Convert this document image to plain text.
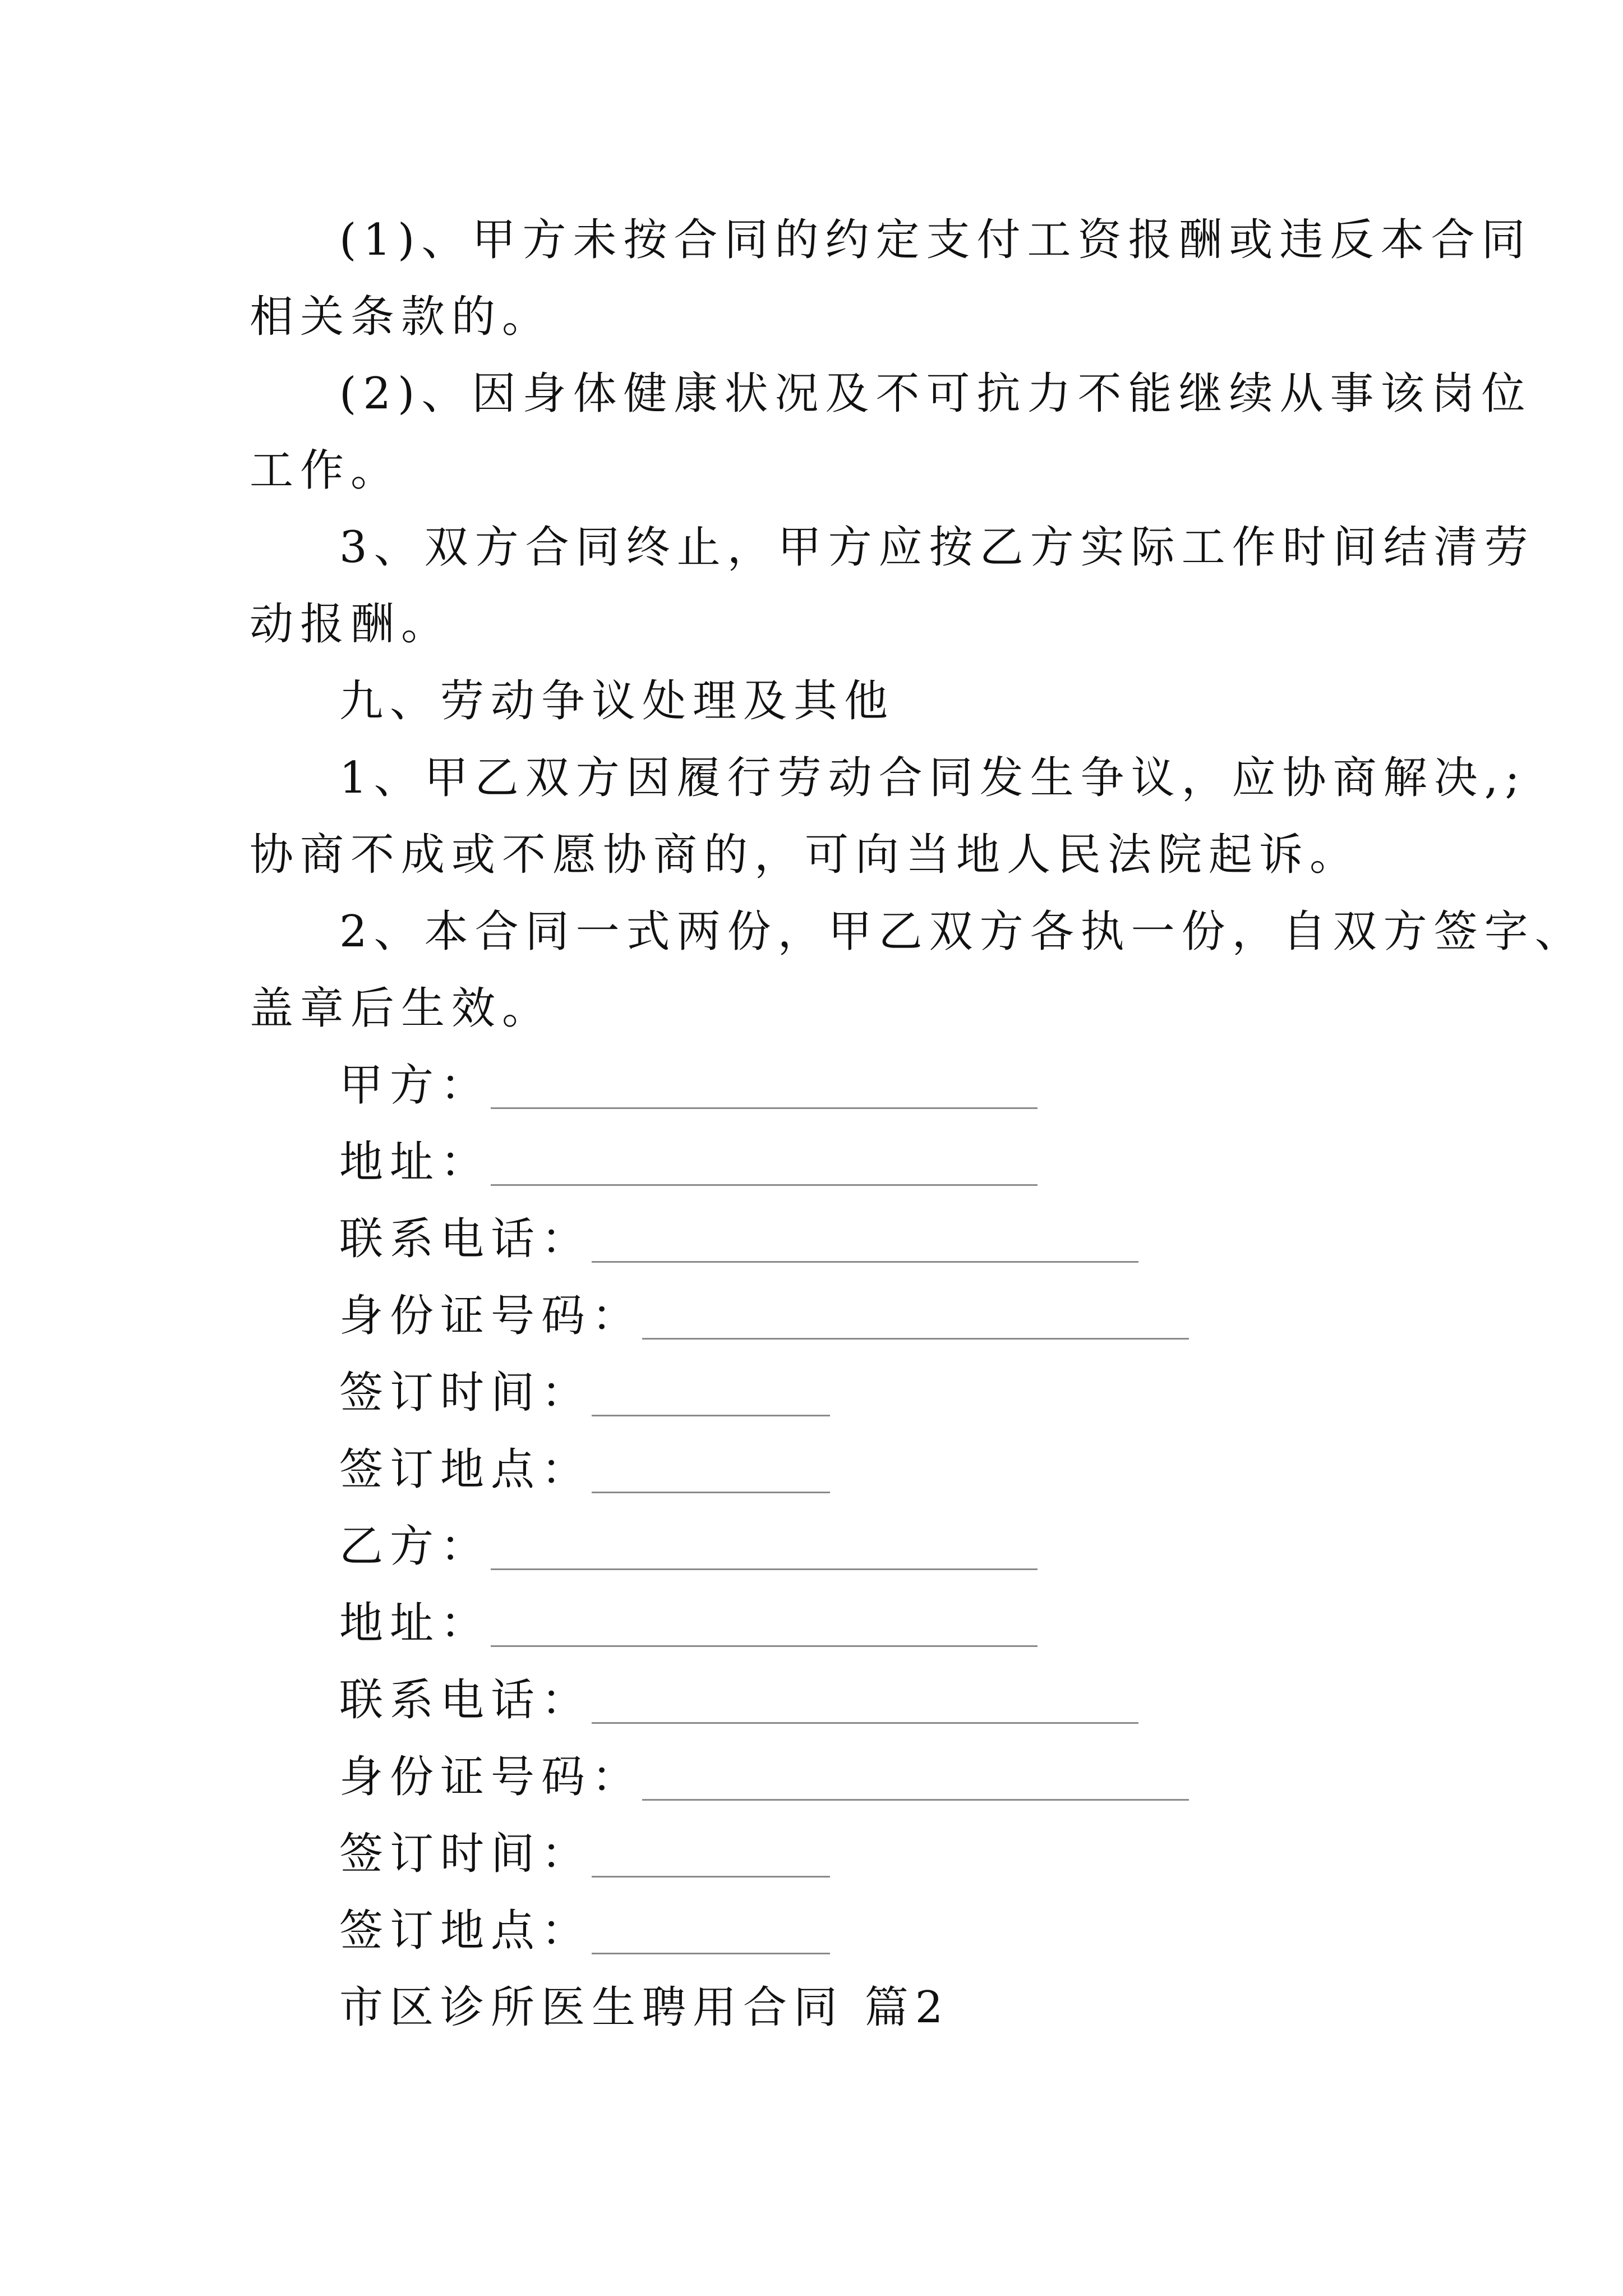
(1)、甲方未按合同的约定支付工资报酬或违反本合同
相关条款的。
(2)、因身体健康状况及不可抗力不能继续从事该岗位
工作。
3、双方合同终止，甲方应按乙方实际工作时间结清劳
动报酬。
九、劳动争议处理及其他
1、甲乙双方因履行劳动合同发生争议，应协商解决,;
协商不成或不愿协商的，可向当地人民法院起诉。
2、本合同一式两份，甲乙双方各执一份，自双方签字、
盖章后生效。
甲方：
地址：
联系电话：
身份证号码：
签订时间：
签订地点：
乙方：
地址：
联系电话：
身份证号码：
签订时间：
签订地点：
市区诊所医生聘用合同 篇2
